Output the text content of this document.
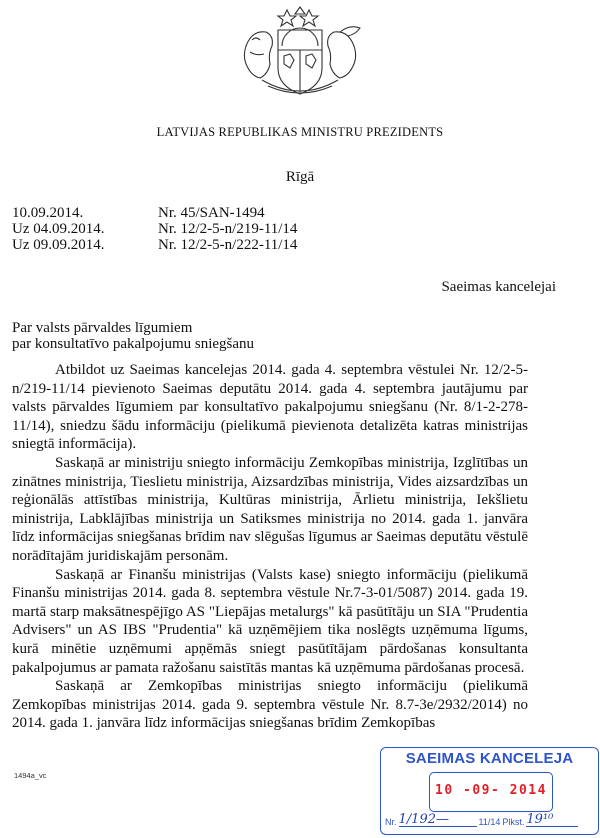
LATVIJAS REPUBLIKAS MINISTRU PREZIDENTS
Rīgā
10.09.2014.	Nr. 45/SAN-1494
Uz 04.09.2014.	Nr. 12/2-5-n/219-11/14
Uz 09.09.2014.	Nr. 12/2-5-n/222-11/14
Saeimas kancelejai
Par valsts pārvaldes līgumiem
par konsultatīvo pakalpojumu sniegšanu

Atbildot uz Saeimas kancelejas 2014. gada 4. septembra vēstulei Nr. 12/2-5-n/219-11/14 pievienoto Saeimas deputātu 2014. gada 4. septembra jautājumu par valsts pārvaldes līgumiem par konsultatīvo pakalpojumu sniegšanu (Nr. 8/1-2-278-11/14), sniedzu šādu informāciju (pielikumā pievienota detalizēta katras ministrijas sniegtā informācija).

Saskaņā ar ministriju sniegto informāciju Zemkopības ministrija, Izglītības un zinātnes ministrija, Tieslietu ministrija, Aizsardzības ministrija, Vides aizsardzības un reģionālās attīstības ministrija, Kultūras ministrija, Ārlietu ministrija, Iekšlietu ministrija, Labklājības ministrija un Satiksmes ministrija no 2014. gada 1. janvāra līdz informācijas sniegšanas brīdim nav slēgušas līgumus ar Saeimas deputātu vēstulē norādītajām juridiskajām personām.

Saskaņā ar Finanšu ministrijas (Valsts kase) sniegto informāciju (pielikumā Finanšu ministrijas 2014. gada 8. septembra vēstule Nr.7-3-01/5087) 2014. gada 19. martā starp maksātnespējīgo AS "Liepājas metalurgs" kā pasūtītāju un SIA "Prudentia Advisers" un AS IBS "Prudentia" kā uzņēmējiem tika noslēgts uzņēmuma līgums, kurā minētie uzņēmumi apņēmās sniegt pasūtītājam pārdošanas konsultanta pakalpojumus ar pamata ražošanu saistītās mantas kā uzņēmuma pārdošanas procesā.

Saskaņā ar Zemkopības ministrijas sniegto informāciju (pielikumā Zemkopības ministrijas 2014. gada 9. septembra vēstule Nr. 8.7-3e/2932/2014) no 2014. gada 1. janvāra līdz informācijas sniegšanas brīdim Zemkopības

1494a_vc
SAEIMAS KANCELEJA
10 -09- 2014
Nr. 1/192—	11/14 Plkst. 19¹⁰
